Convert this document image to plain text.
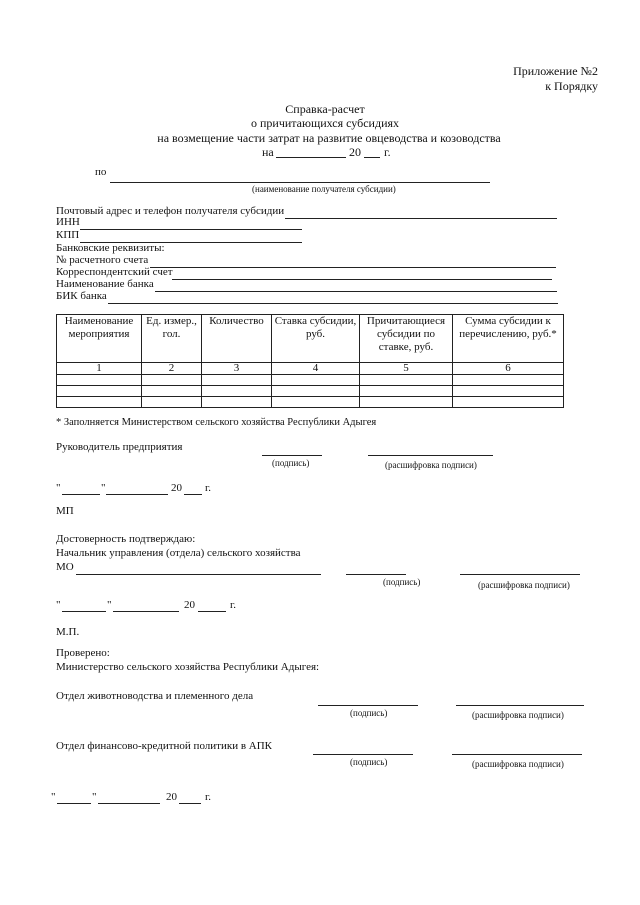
Приложение №2
к Порядку
Справка-расчет
о причитающихся субсидиях
на возмещение части затрат на развитие овцеводства и козоводства
на	20 г.
по
(наименование получателя субсидии)
Почтовый адрес и телефон получателя субсидии
ИНН
КПП
Банковские реквизиты:
№ расчетного счета
Корреспондентский счет
Наименование банка
БИК банка
Наименование мероприятия	Ед. измер., гол.	Количество	Ставка субсидии, руб.	Причитающиеся субсидии по ставке, руб.	Сумма субсидии к перечислению, руб.*
1	2	3	4	5	6

* Заполняется Министерством сельского хозяйства Республики Адыгея
Руководитель предприятия
(подпись)	(расшифровка подписи)
"	"	20 г.
МП
Достоверность подтверждаю:
Начальник управления (отдела) сельского хозяйства
МО
(подпись)	(расшифровка подписи)
"	"	20	г.
М.П.
Проверено:
Министерство сельского хозяйства Республики Адыгея:
Отдел животноводства и племенного дела
(подпись)	(расшифровка подписи)
Отдел финансово-кредитной политики в АПК
(подпись)	(расшифровка подписи)
"	"	20	г.
